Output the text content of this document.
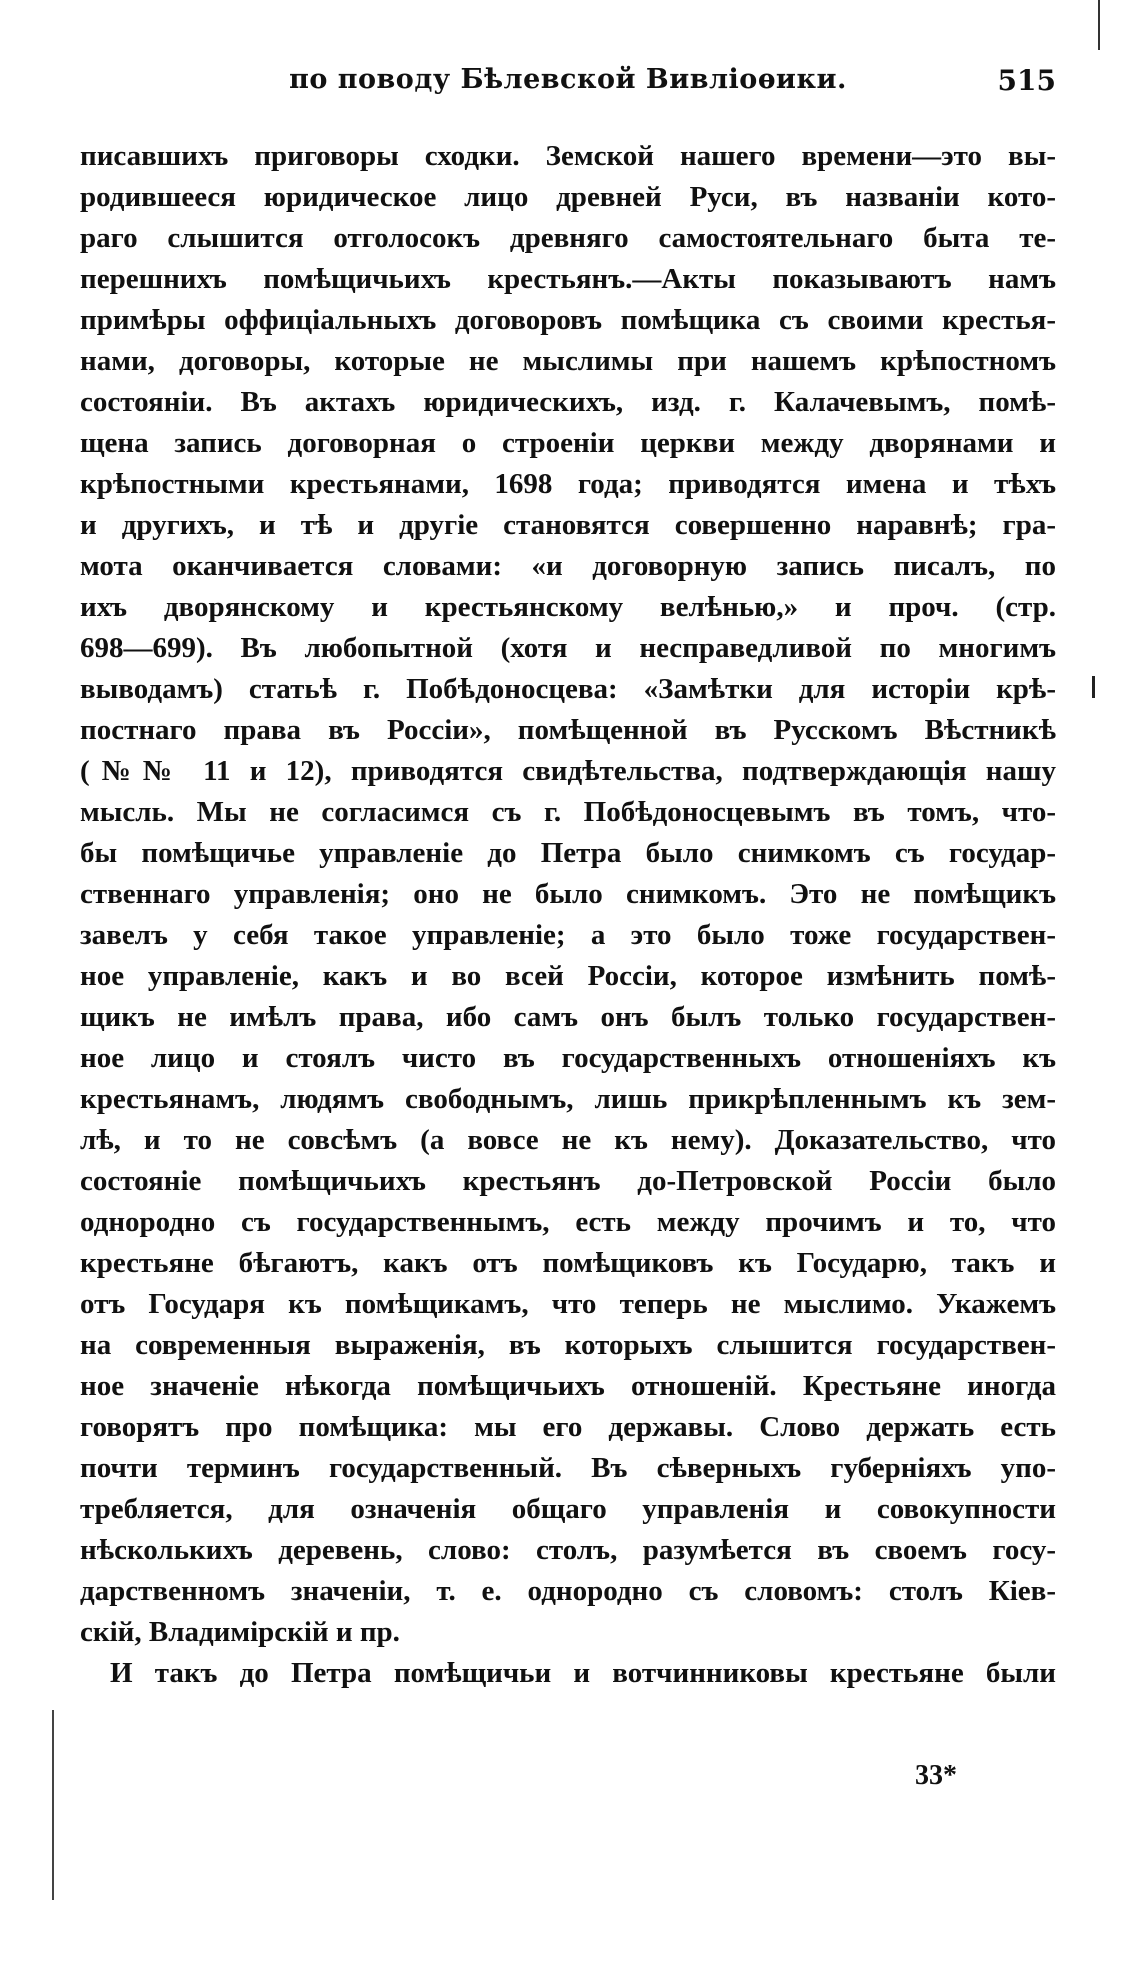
по поводу Бѣлевской Вивліоѳики.	515
писавшихъ приговоры сходки. Земской нашего времени—это вы-
родившееся юридическое лицо древней Руси, въ названіи кото-
раго слышится отголосокъ древняго самостоятельнаго быта те-
перешнихъ помѣщичьихъ крестьянъ.—Акты показываютъ намъ
примѣры оффиціальныхъ договоровъ помѣщика съ своими крестья-
нами, договоры, которые не мыслимы при нашемъ крѣпостномъ
состояніи. Въ актахъ юридическихъ, изд. г. Калачевымъ, помѣ-
щена запись договорная о строеніи церкви между дворянами и
крѣпостными крестьянами, 1698 года; приводятся имена и тѣхъ
и другихъ, и тѣ и другіе становятся совершенно наравнѣ; гра-
мота оканчивается словами: «и договорную запись писалъ, по
ихъ дворянскому и крестьянскому велѣнью,» и проч. (стр.
698—699). Въ любопытной (хотя и несправедливой по многимъ
выводамъ) статьѣ г. Побѣдоносцева: «Замѣтки для исторіи крѣ-
постнаго права въ Россіи», помѣщенной въ Русскомъ Вѣстникѣ
(№№ 11 и 12), приводятся свидѣтельства, подтверждающія нашу
мысль. Мы не согласимся съ г. Побѣдоносцевымъ въ томъ, что-
бы помѣщичье управленіе до Петра было снимкомъ съ государ-
ственнаго управленія; оно не было снимкомъ. Это не помѣщикъ
завелъ у себя такое управленіе; а это было тоже государствен-
ное управленіе, какъ и во всей Россіи, которое измѣнить помѣ-
щикъ не имѣлъ права, ибо самъ онъ былъ только государствен-
ное лицо и стоялъ чисто въ государственныхъ отношеніяхъ къ
крестьянамъ, людямъ свободнымъ, лишь прикрѣпленнымъ къ зем-
лѣ, и то не совсѣмъ (а вовсе не къ нему). Доказательство, что
состояніе помѣщичьихъ крестьянъ до-Петровской Россіи было
однородно съ государственнымъ, есть между прочимъ и то, что
крестьяне бѣгаютъ, какъ отъ помѣщиковъ къ Государю, такъ и
отъ Государя къ помѣщикамъ, что теперь не мыслимо. Укажемъ
на современныя выраженія, въ которыхъ слышится государствен-
ное значеніе нѣкогда помѣщичьихъ отношеній. Крестьяне иногда
говорятъ про помѣщика: мы его державы. Слово держать есть
почти терминъ государственный. Въ сѣверныхъ губерніяхъ упо-
требляется, для означенія общаго управленія и совокупности
нѣсколькихъ деревень, слово: столъ, разумѣется въ своемъ госу-
дарственномъ значеніи, т. е. однородно съ словомъ: столъ Кіев-
скій, Владимірскій и пр.
И такъ до Петра помѣщичьи и вотчинниковы крестьяне были
33*
